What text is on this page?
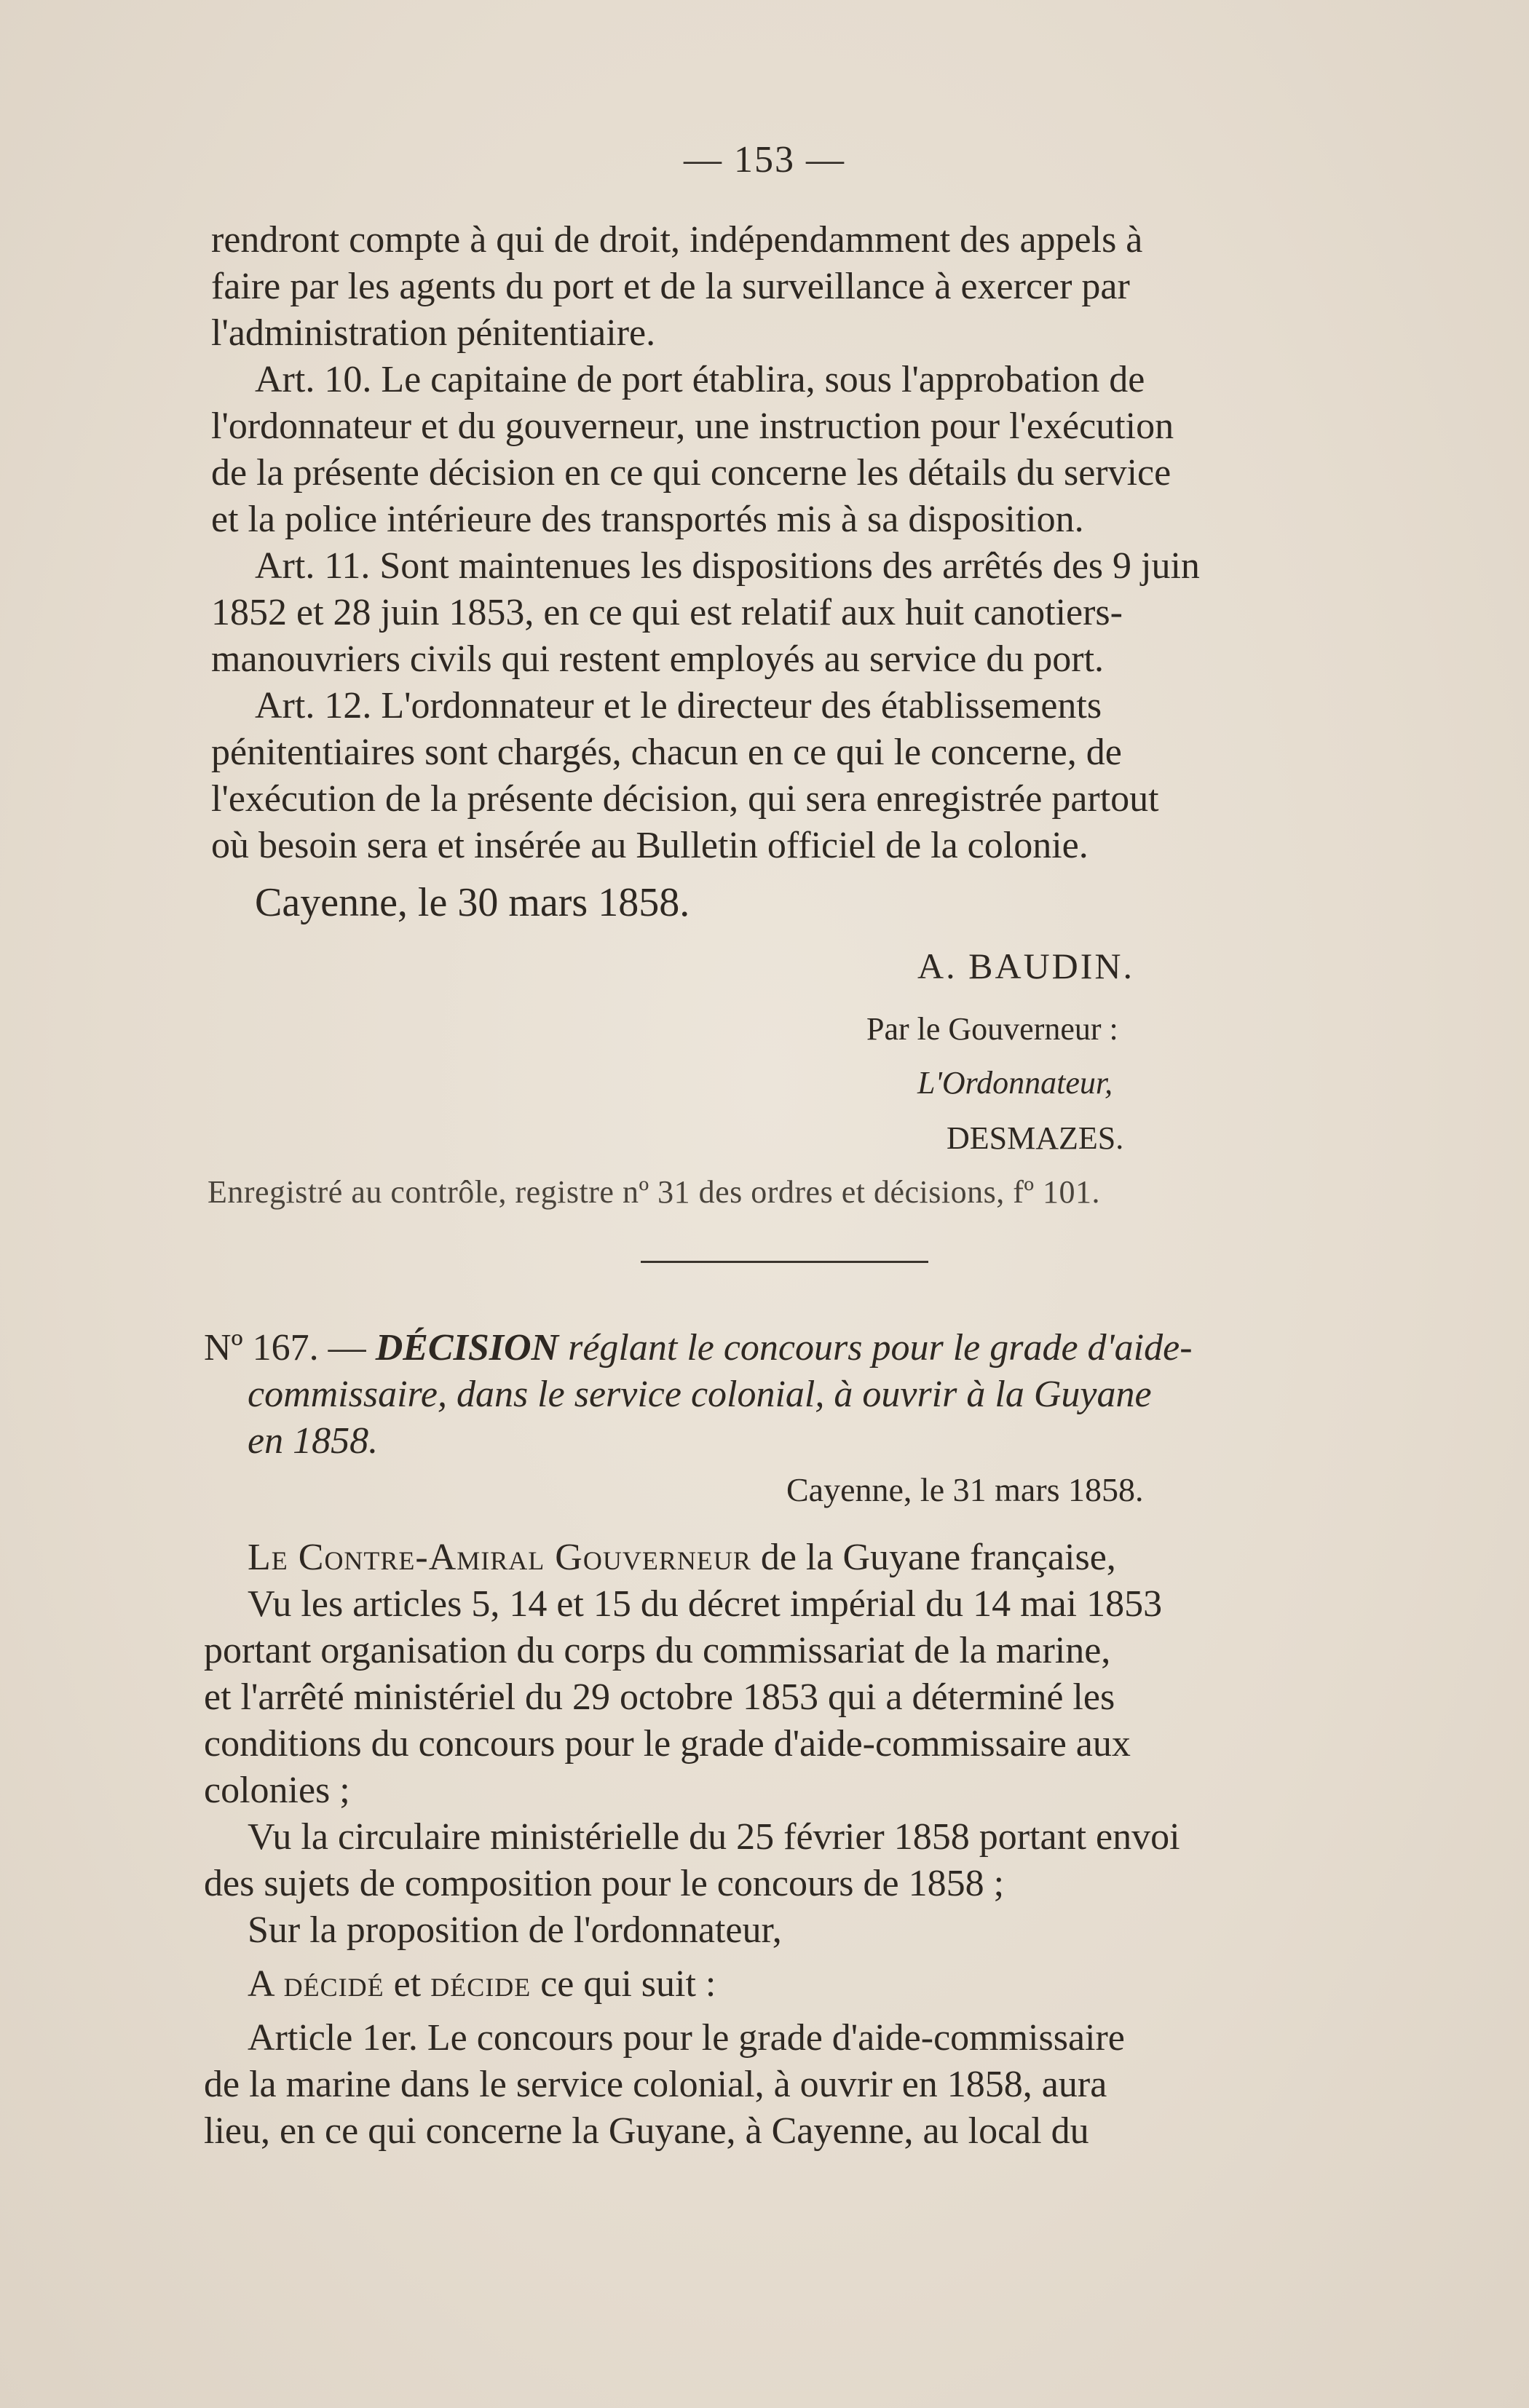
— 153 —

rendront compte à qui de droit, indépendamment des appels à
faire par les agents du port et de la surveillance à exercer par
l'administration pénitentiaire.

Art. 10. Le capitaine de port établira, sous l'approbation de
l'ordonnateur et du gouverneur, une instruction pour l'exécution
de la présente décision en ce qui concerne les détails du service
et la police intérieure des transportés mis à sa disposition.

Art. 11. Sont maintenues les dispositions des arrêtés des 9 juin
1852 et 28 juin 1853, en ce qui est relatif aux huit canotiers-
manouvriers civils qui restent employés au service du port.

Art. 12. L'ordonnateur et le directeur des établissements
pénitentiaires sont chargés, chacun en ce qui le concerne, de
l'exécution de la présente décision, qui sera enregistrée partout
où besoin sera et insérée au Bulletin officiel de la colonie.

Cayenne, le 30 mars 1858.
A. BAUDIN.
Par le Gouverneur :
L'Ordonnateur,
DESMAZES.
Enregistré au contrôle, registre nº 31 des ordres et décisions, fº 101.
Nº 167. — DÉCISION réglant le concours pour le grade d'aide-
commissaire, dans le service colonial, à ouvrir à la Guyane
en 1858.
Cayenne, le 31 mars 1858.

Le Contre-Amiral Gouverneur de la Guyane française,

Vu les articles 5, 14 et 15 du décret impérial du 14 mai 1853
portant organisation du corps du commissariat de la marine,
et l'arrêté ministériel du 29 octobre 1853 qui a déterminé les
conditions du concours pour le grade d'aide-commissaire aux
colonies ;

Vu la circulaire ministérielle du 25 février 1858 portant envoi
des sujets de composition pour le concours de 1858 ;

Sur la proposition de l'ordonnateur,

A décidé et décide ce qui suit :

Article 1er. Le concours pour le grade d'aide-commissaire
de la marine dans le service colonial, à ouvrir en 1858, aura
lieu, en ce qui concerne la Guyane, à Cayenne, au local du
